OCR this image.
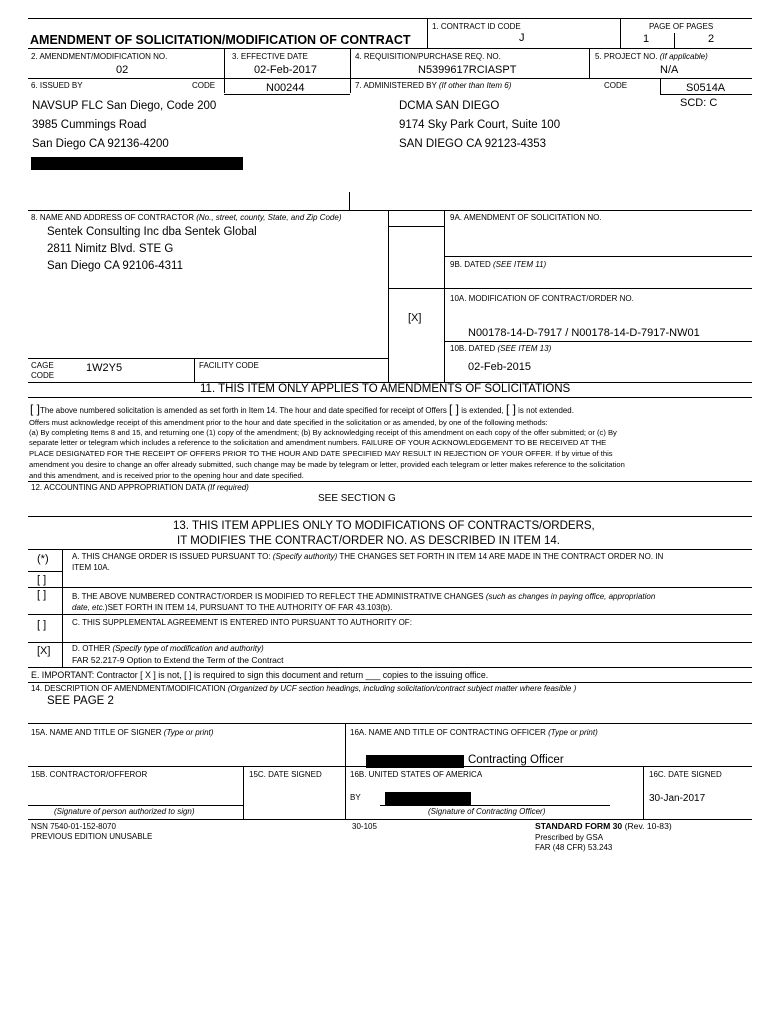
AMENDMENT OF SOLICITATION/MODIFICATION OF CONTRACT
1. CONTRACT ID CODE
J
PAGE OF PAGES
1	2
2. AMENDMENT/MODIFICATION NO.
02
3. EFFECTIVE DATE
02-Feb-2017
4. REQUISITION/PURCHASE REQ. NO.
N5399617RCIASPT
5. PROJECT NO. (If applicable)
N/A
6. ISSUED BY	CODE	N00244	7. ADMINISTERED BY (If other than Item 6)	CODE	S0514A
SCD: C
NAVSUP FLC San Diego, Code 200
3985 Cummings Road
San Diego CA 92136-4200
DCMA SAN DIEGO
9174 Sky Park Court, Suite 100
SAN DIEGO CA 92123-4353
8. NAME AND ADDRESS OF CONTRACTOR (No., street, county, State, and Zip Code)
Sentek Consulting Inc dba Sentek Global
2811 Nimitz Blvd. STE G
San Diego CA 92106-4311
9A. AMENDMENT OF SOLICITATION NO.
9B. DATED (SEE ITEM 11)
10A. MODIFICATION OF CONTRACT/ORDER NO.
[X]
N00178-14-D-7917 / N00178-14-D-7917-NW01
10B. DATED (SEE ITEM 13)
02-Feb-2015
CAGE
CODE
1W2Y5	FACILITY CODE
11. THIS ITEM ONLY APPLIES TO AMENDMENTS OF SOLICITATIONS
[ ]The above numbered solicitation is amended as set forth in Item 14. The hour and date specified for receipt of Offers [ ] is extended, [ ] is not extended.
Offers must acknowledge receipt of this amendment prior to the hour and date specified in the solicitation or as amended, by one of the following methods:
(a) By completing Items 8 and 15, and returning one (1) copy of the amendment; (b) By acknowledging receipt of this amendment on each copy of the offer submitted; or (c) By
separate letter or telegram which includes a reference to the solicitation and amendment numbers. FAILURE OF YOUR ACKNOWLEDGEMENT TO BE RECEIVED AT THE
PLACE DESIGNATED FOR THE RECEIPT OF OFFERS PRIOR TO THE HOUR AND DATE SPECIFIED MAY RESULT IN REJECTION OF YOUR OFFER. If by virtue of this
amendment you desire to change an offer already submitted, such change may be made by telegram or letter, provided each telegram or letter makes reference to the solicitation
and this amendment, and is received prior to the opening hour and date specified.
12. ACCOUNTING AND APPROPRIATION DATA (If required)
SEE SECTION G
13. THIS ITEM APPLIES ONLY TO MODIFICATIONS OF CONTRACTS/ORDERS,
IT MODIFIES THE CONTRACT/ORDER NO. AS DESCRIBED IN ITEM 14.
(*)	A. THIS CHANGE ORDER IS ISSUED PURSUANT TO: (Specify authority) THE CHANGES SET FORTH IN ITEM 14 ARE MADE IN THE CONTRACT ORDER NO. IN
ITEM 10A.
[ ]
[ ]	B. THE ABOVE NUMBERED CONTRACT/ORDER IS MODIFIED TO REFLECT THE ADMINISTRATIVE CHANGES (such as changes in paying office, appropriation
date, etc.)SET FORTH IN ITEM 14, PURSUANT TO THE AUTHORITY OF FAR 43.103(b).
[ ]	C. THIS SUPPLEMENTAL AGREEMENT IS ENTERED INTO PURSUANT TO AUTHORITY OF:
[X]	D. OTHER (Specify type of modification and authority)
FAR 52.217-9 Option to Extend the Term of the Contract
E. IMPORTANT: Contractor [ X ] is not, [ ] is required to sign this document and return ___ copies to the issuing office.
14. DESCRIPTION OF AMENDMENT/MODIFICATION (Organized by UCF section headings, including solicitation/contract subject matter where feasible )
SEE PAGE 2
15A. NAME AND TITLE OF SIGNER (Type or print)	16A. NAME AND TITLE OF CONTRACTING OFFICER (Type or print)
Contracting Officer
15B. CONTRACTOR/OFFEROR	15C. DATE SIGNED	16B. UNITED STATES OF AMERICA	16C. DATE SIGNED
BY	30-Jan-2017
(Signature of person authorized to sign)	(Signature of Contracting Officer)
NSN 7540-01-152-8070
PREVIOUS EDITION UNUSABLE
30-105	STANDARD FORM 30 (Rev. 10-83)
Prescribed by GSA
FAR (48 CFR) 53.243
